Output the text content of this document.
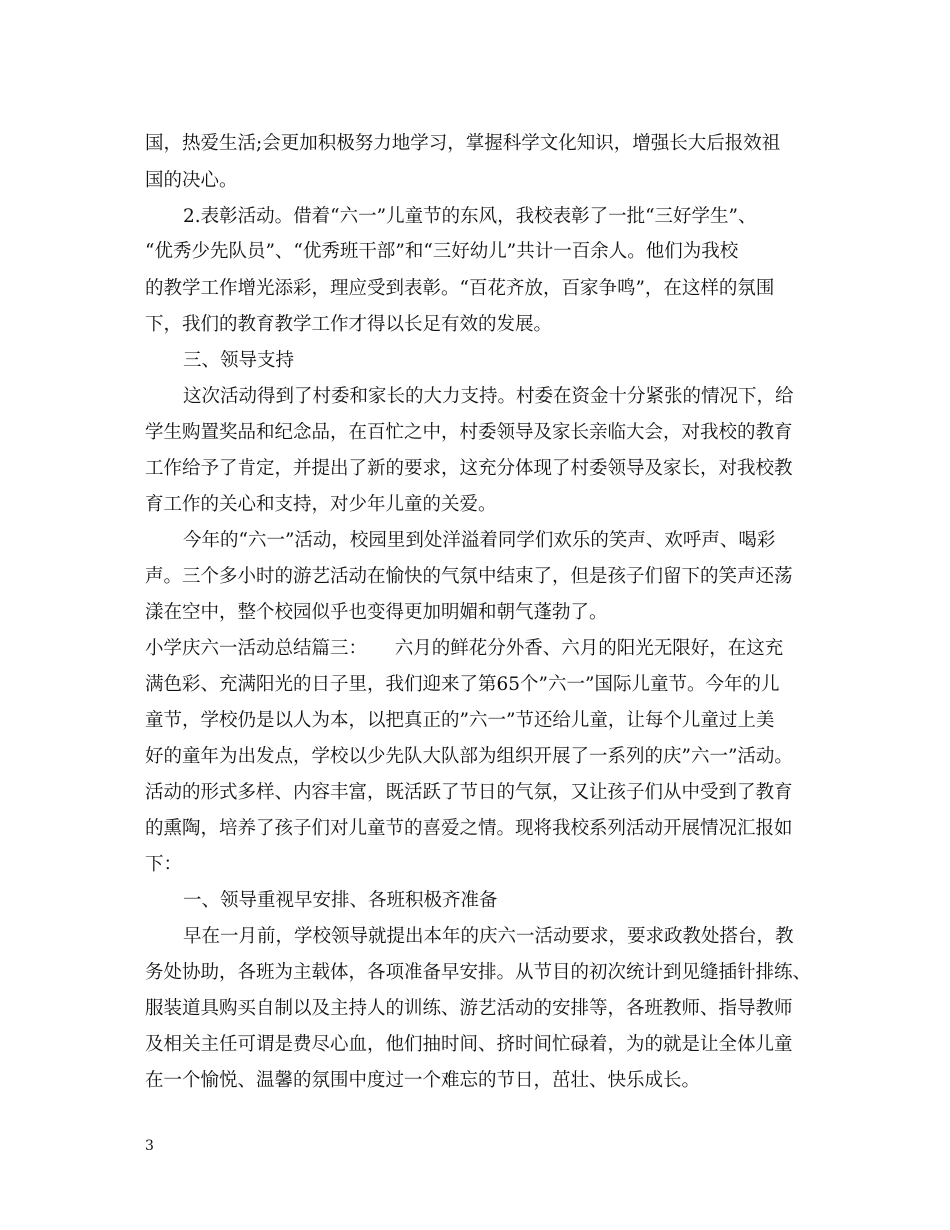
国，热爱生活;会更加积极努力地学习，掌握科学文化知识，增强长大后报效祖
国的决心。
2.表彰活动。借着“六一”儿童节的东风，我校表彰了一批“三好学生”、
“优秀少先队员”、“优秀班干部”和“三好幼儿”共计一百余人。他们为我校
的教学工作增光添彩，理应受到表彰。“百花齐放，百家争鸣”，在这样的氛围
下，我们的教育教学工作才得以长足有效的发展。
三、领导支持
这次活动得到了村委和家长的大力支持。村委在资金十分紧张的情况下，给
学生购置奖品和纪念品，在百忙之中，村委领导及家长亲临大会，对我校的教育
工作给予了肯定，并提出了新的要求，这充分体现了村委领导及家长，对我校教
育工作的关心和支持，对少年儿童的关爱。
今年的“六一”活动，校园里到处洋溢着同学们欢乐的笑声、欢呼声、喝彩
声。三个多小时的游艺活动在愉快的气氛中结束了，但是孩子们留下的笑声还荡
漾在空中，整个校园似乎也变得更加明媚和朝气蓬勃了。
小学庆六一活动总结篇三：　　六月的鲜花分外香、六月的阳光无限好，在这充
满色彩、充满阳光的日子里，我们迎来了第65个”六一”国际儿童节。今年的儿
童节，学校仍是以人为本，以把真正的”六一”节还给儿童，让每个儿童过上美
好的童年为出发点，学校以少先队大队部为组织开展了一系列的庆”六一”活动。
活动的形式多样、内容丰富，既活跃了节日的气氛，又让孩子们从中受到了教育
的熏陶，培养了孩子们对儿童节的喜爱之情。现将我校系列活动开展情况汇报如
下：
一、领导重视早安排、各班积极齐准备
早在一月前，学校领导就提出本年的庆六一活动要求，要求政教处搭台，教
务处协助，各班为主载体，各项准备早安排。从节目的初次统计到见缝插针排练、
服装道具购买自制以及主持人的训练、游艺活动的安排等，各班教师、指导教师
及相关主任可谓是费尽心血，他们抽时间、挤时间忙碌着，为的就是让全体儿童
在一个愉悦、温馨的氛围中度过一个难忘的节日，茁壮、快乐成长。
3
